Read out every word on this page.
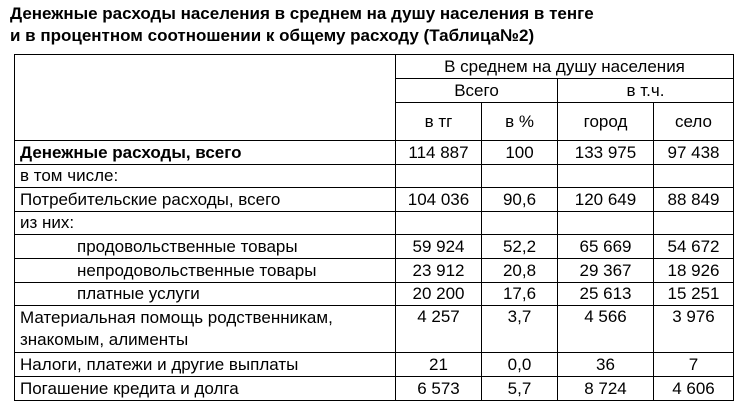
Денежные расходы населения в среднем на душу населения в тенге
и в процентном соотношении к общему расходу (Таблица№2)
	В среднем на душу населения			
	Всего		в т.ч.	
	в тг	в %	город	село
Денежные расходы, всего	114 887	100	133 975	97 438
в том числе:				
Потребительские расходы, всего	104 036	90,6	120 649	88 849
из них:				
продовольственные товары	59 924	52,2	65 669	54 672
непродовольственные товары	23 912	20,8	29 367	18 926
платные услуги	20 200	17,6	25 613	15 251
Материальная помощь родственникам, знакомым, алименты	4 257	3,7	4 566	3 976
Налоги, платежи и другие выплаты	21	0,0	36	7
Погашение кредита и долга	6 573	5,7	8 724	4 606
